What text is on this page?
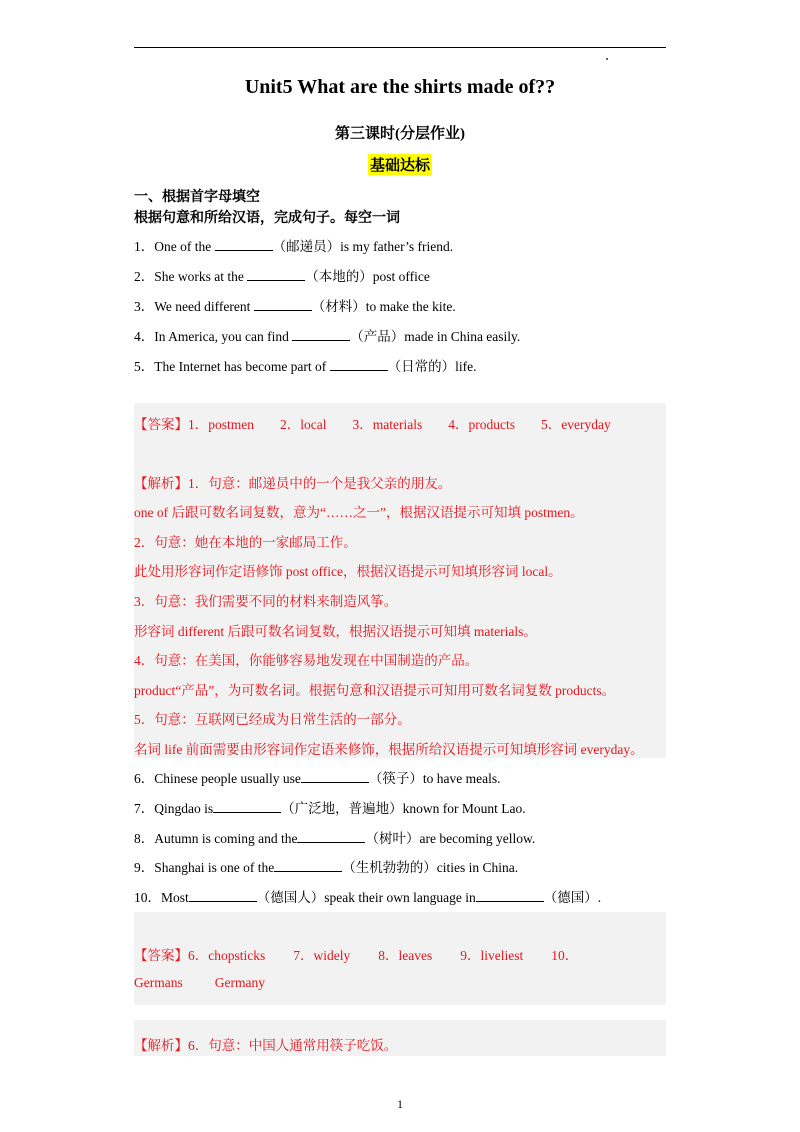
Unit5 What are the shirts made of??
第三课时(分层作业)
基础达标
一、根据首字母填空
根据句意和所给汉语，完成句子。每空一词
1．One of the	（邮递员）is my father’s friend.
2．She works at the	（本地的）post office
3．We need different	（材料）to make the kite.
4．In America, you can find	（产品）made in China easily.
5．The Internet has become part of	（日常的）life.
【答案】1．postmen 2．local 3．materials 4．products 5．everyday
【解析】1．句意：邮递员中的一个是我父亲的朋友。
one of 后跟可数名词复数，意为“……之一”，根据汉语提示可知填 postmen。
2．句意：她在本地的一家邮局工作。
此处用形容词作定语修饰 post office，根据汉语提示可知填形容词 local。
3．句意：我们需要不同的材料来制造风筝。
形容词 different 后跟可数名词复数，根据汉语提示可知填 materials。
4．句意：在美国，你能够容易地发现在中国制造的产品。
product“产品”，为可数名词。根据句意和汉语提示可知用可数名词复数 products。
5．句意：互联网已经成为日常生活的一部分。
名词 life 前面需要由形容词作定语来修饰，根据所给汉语提示可知填形容词 everyday。
6．Chinese people usually use	（筷子）to have meals.
7．Qingdao is	（广泛地，普遍地）known for Mount Lao.
8．Autumn is coming and the	（树叶）are becoming yellow.
9．Shanghai is one of the	（生机勃勃的）cities in China.
10．Most	（德国人）speak their own language in	（德国）.
【答案】6．chopsticks 7．widely 8．leaves 9．liveliest 10．
Germans Germany
【解析】6．句意：中国人通常用筷子吃饭。
1
